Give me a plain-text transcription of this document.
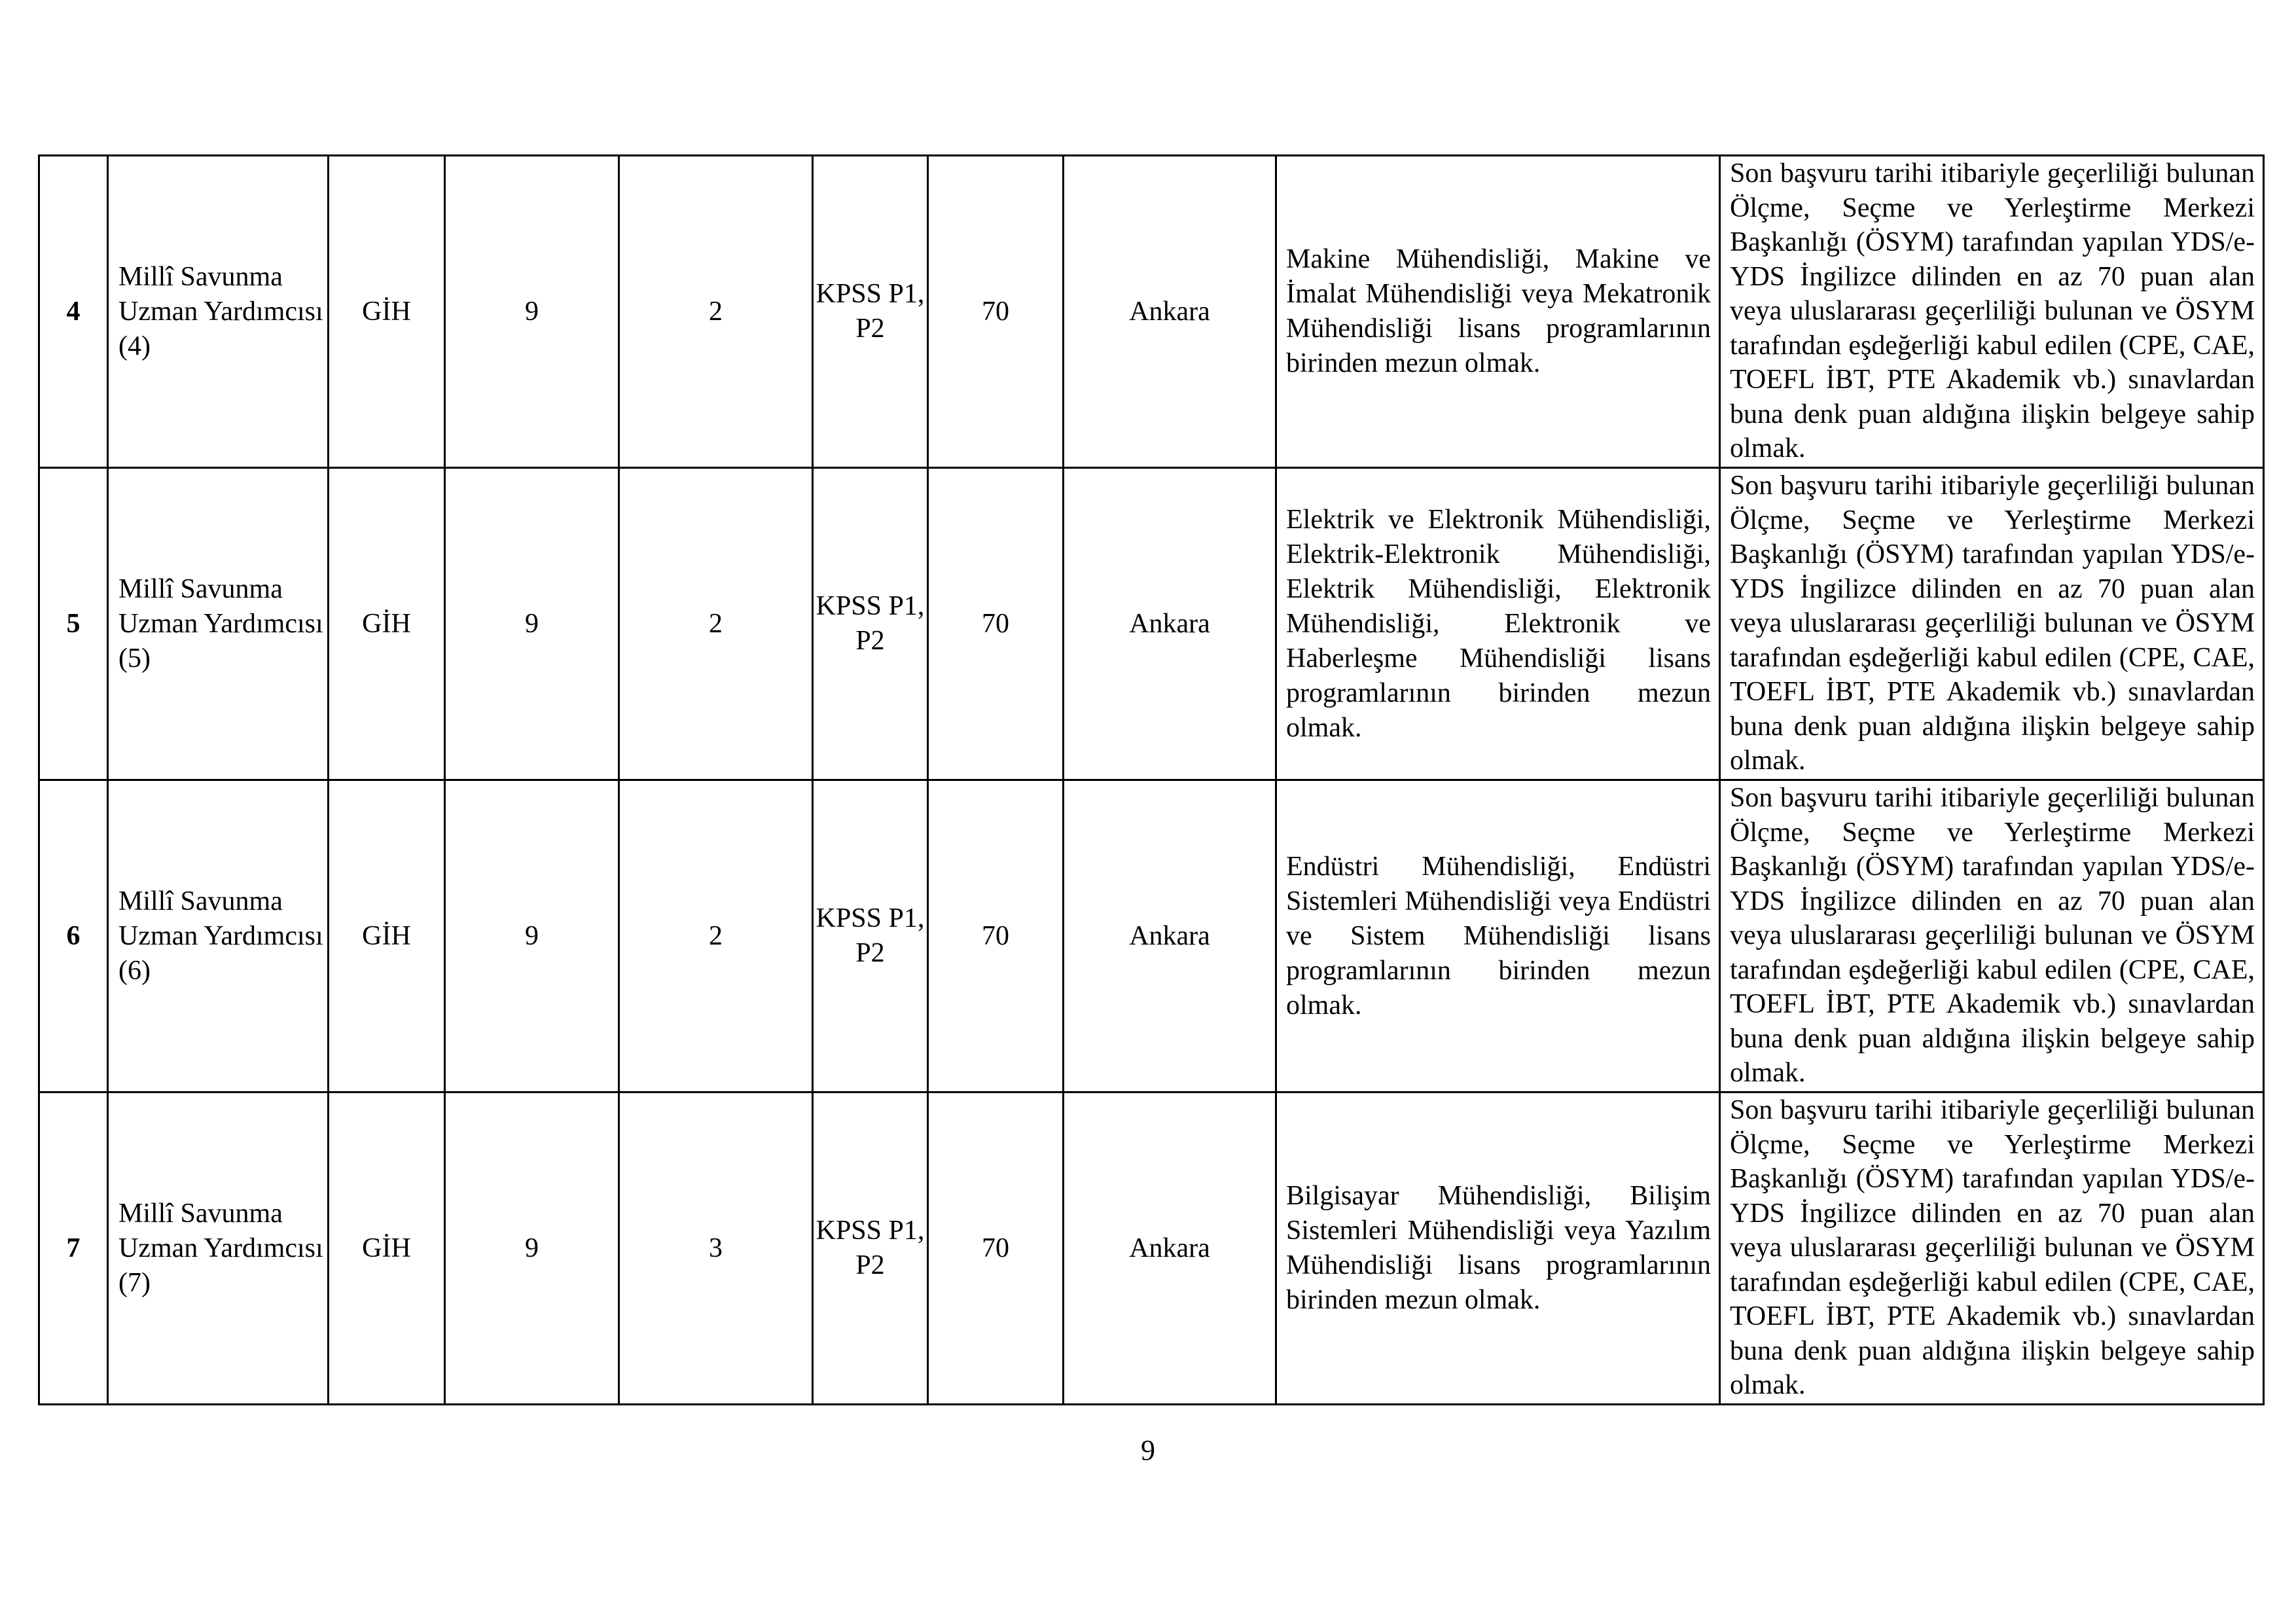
4	Millî Savunma Uzman Yardımcısı (4)	GİH	9	2	KPSS P1, P2	70	Ankara	Makine Mühendisliği, Makine ve İmalat Mühendisliği veya Mekatronik Mühendisliği lisans programlarının birinden mezun olmak.	Son başvuru tarihi itibariyle geçerliliği bulunan Ölçme, Seçme ve Yerleştirme Merkezi Başkanlığı (ÖSYM) tarafından yapılan YDS/e-YDS İngilizce dilinden en az 70 puan alan veya uluslararası geçerliliği bulunan ve ÖSYM tarafından eşdeğerliği kabul edilen (CPE, CAE, TOEFL İBT, PTE Akademik vb.) sınavlardan buna denk puan aldığına ilişkin belgeye sahip olmak.
5	Millî Savunma Uzman Yardımcısı (5)	GİH	9	2	KPSS P1, P2	70	Ankara	Elektrik ve Elektronik Mühendisliği, Elektrik-Elektronik Mühendisliği, Elektrik Mühendisliği, Elektronik Mühendisliği, Elektronik ve Haberleşme Mühendisliği lisans programlarının birinden mezun olmak.	Son başvuru tarihi itibariyle geçerliliği bulunan Ölçme, Seçme ve Yerleştirme Merkezi Başkanlığı (ÖSYM) tarafından yapılan YDS/e-YDS İngilizce dilinden en az 70 puan alan veya uluslararası geçerliliği bulunan ve ÖSYM tarafından eşdeğerliği kabul edilen (CPE, CAE, TOEFL İBT, PTE Akademik vb.) sınavlardan buna denk puan aldığına ilişkin belgeye sahip olmak.
6	Millî Savunma Uzman Yardımcısı (6)	GİH	9	2	KPSS P1, P2	70	Ankara	Endüstri Mühendisliği, Endüstri Sistemleri Mühendisliği veya Endüstri ve Sistem Mühendisliği lisans programlarının birinden mezun olmak.	Son başvuru tarihi itibariyle geçerliliği bulunan Ölçme, Seçme ve Yerleştirme Merkezi Başkanlığı (ÖSYM) tarafından yapılan YDS/e-YDS İngilizce dilinden en az 70 puan alan veya uluslararası geçerliliği bulunan ve ÖSYM tarafından eşdeğerliği kabul edilen (CPE, CAE, TOEFL İBT, PTE Akademik vb.) sınavlardan buna denk puan aldığına ilişkin belgeye sahip olmak.
7	Millî Savunma Uzman Yardımcısı (7)	GİH	9	3	KPSS P1, P2	70	Ankara	Bilgisayar Mühendisliği, Bilişim Sistemleri Mühendisliği veya Yazılım Mühendisliği lisans programlarının birinden mezun olmak.	Son başvuru tarihi itibariyle geçerliliği bulunan Ölçme, Seçme ve Yerleştirme Merkezi Başkanlığı (ÖSYM) tarafından yapılan YDS/e-YDS İngilizce dilinden en az 70 puan alan veya uluslararası geçerliliği bulunan ve ÖSYM tarafından eşdeğerliği kabul edilen (CPE, CAE, TOEFL İBT, PTE Akademik vb.) sınavlardan buna denk puan aldığına ilişkin belgeye sahip olmak.
9
